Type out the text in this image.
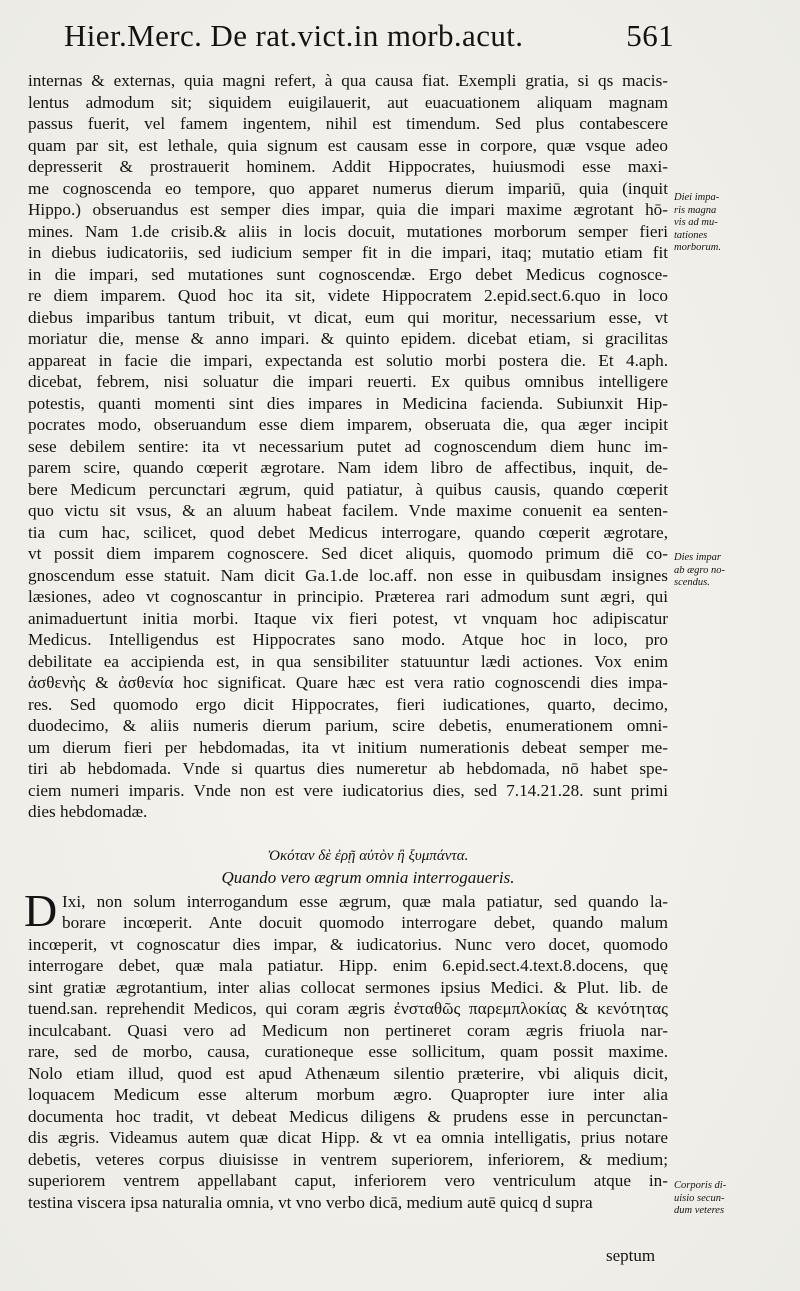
Hier.Merc. De rat.vict.in morb.acut.	561
internas & externas, quia magni refert, à qua causa fiat. Exempli gratia, si qs macis-
lentus admodum sit; siquidem euigilauerit, aut euacuationem aliquam magnam
passus fuerit, vel famem ingentem, nihil est timendum. Sed plus contabescere
quam par sit, est lethale, quia signum est causam esse in corpore, quæ vsque adeo
depresserit & prostrauerit hominem. Addit Hippocrates, huiusmodi esse maxi-
me cognoscenda eo tempore, quo apparet numerus dierum impariū, quia (inquit
Hippo.) obseruandus est semper dies impar, quia die impari maxime ægrotant hō-
mines. Nam 1.de crisib.& aliis in locis docuit, mutationes morborum semper fieri
in diebus iudicatoriis, sed iudicium semper fit in die impari, itaq; mutatio etiam fit
in die impari, sed mutationes sunt cognoscendæ. Ergo debet Medicus cognosce-
re diem imparem. Quod hoc ita sit, videte Hippocratem 2.epid.sect.6.quo in loco
diebus imparibus tantum tribuit, vt dicat, eum qui moritur, necessarium esse, vt
moriatur die, mense & anno impari. & quinto epidem. dicebat etiam, si gracilitas
appareat in facie die impari, expectanda est solutio morbi postera die. Et 4.aph.
dicebat, febrem, nisi soluatur die impari reuerti. Ex quibus omnibus intelligere
potestis, quanti momenti sint dies impares in Medicina facienda. Subiunxit Hip-
pocrates modo, obseruandum esse diem imparem, obseruata die, qua æger incipit
sese debilem sentire: ita vt necessarium putet ad cognoscendum diem hunc im-
parem scire, quando cœperit ægrotare. Nam idem libro de affectibus, inquit, de-
bere Medicum percunctari ægrum, quid patiatur, à quibus causis, quando cœperit
quo victu sit vsus, & an aluum habeat facilem. Vnde maxime conuenit ea senten-
tia cum hac, scilicet, quod debet Medicus interrogare, quando cœperit ægrotare,
vt possit diem imparem cognoscere. Sed dicet aliquis, quomodo primum diē co-
gnoscendum esse statuit. Nam dicit Ga.1.de loc.aff. non esse in quibusdam insignes
læsiones, adeo vt cognoscantur in principio. Præterea rari admodum sunt ægri, qui
animaduertunt initia morbi. Itaque vix fieri potest, vt vnquam hoc adipiscatur
Medicus. Intelligendus est Hippocrates sano modo. Atque hoc in loco, pro
debilitate ea accipienda est, in qua sensibiliter statuuntur lædi actiones. Vox enim
ἀσθενὴς & ἀσθενία hoc significat. Quare hæc est vera ratio cognoscendi dies impa-
res. Sed quomodo ergo dicit Hippocrates, fieri iudicationes, quarto, decimo,
duodecimo, & aliis numeris dierum parium, scire debetis, enumerationem omni-
um dierum fieri per hebdomadas, ita vt initium numerationis debeat semper me-
tiri ab hebdomada. Vnde si quartus dies numeretur ab hebdomada, nō habet spe-
ciem numeri imparis. Vnde non est vere iudicatorius dies, sed 7.14.21.28. sunt primi
dies hebdomadæ.
Ὁκόταν δὲ ἐρῇ αὐτὸν ἢ ξυμπάντα.
Quando vero ægrum omnia interrogaueris.
D Ixi, non solum interrogandum esse ægrum, quæ mala patiatur, sed quando la-
borare incœperit. Ante docuit quomodo interrogare debet, quando malum
incœperit, vt cognoscatur dies impar, & iudicatorius. Nunc vero docet, quomodo
interrogare debet, quæ mala patiatur. Hipp. enim 6.epid.sect.4.text.8.docens, quę
sint gratiæ ægrotantium, inter alias collocat sermones ipsius Medici. & Plut. lib. de
tuend.san. reprehendit Medicos, qui coram ægris ἐνσταθῶς παρεμπλοκίας & κενότητας
inculcabant. Quasi vero ad Medicum non pertineret coram ægris friuola nar-
rare, sed de morbo, causa, curationeque esse sollicitum, quam possit maxime.
Nolo etiam illud, quod est apud Athenæum silentio præterire, vbi aliquis dicit,
loquacem Medicum esse alterum morbum ægro. Quapropter iure inter alia
documenta hoc tradit, vt debeat Medicus diligens & prudens esse in percunctan-
dis ægris. Videamus autem quæ dicat Hipp. & vt ea omnia intelligatis, prius notare
debetis, veteres corpus diuisisse in ventrem superiorem, inferiorem, & medium;
superiorem ventrem appellabant caput, inferiorem vero ventriculum atque in-
testina viscera ipsa naturalia omnia, vt vno verbo dicā, medium autē quicq d supra
Diei impa-
ris magna
vis ad mu-
tationes
morborum.
Dies impar
ab ægro no-
scendus.
Corporis di-
uisio secun-
dum veteres
septum
